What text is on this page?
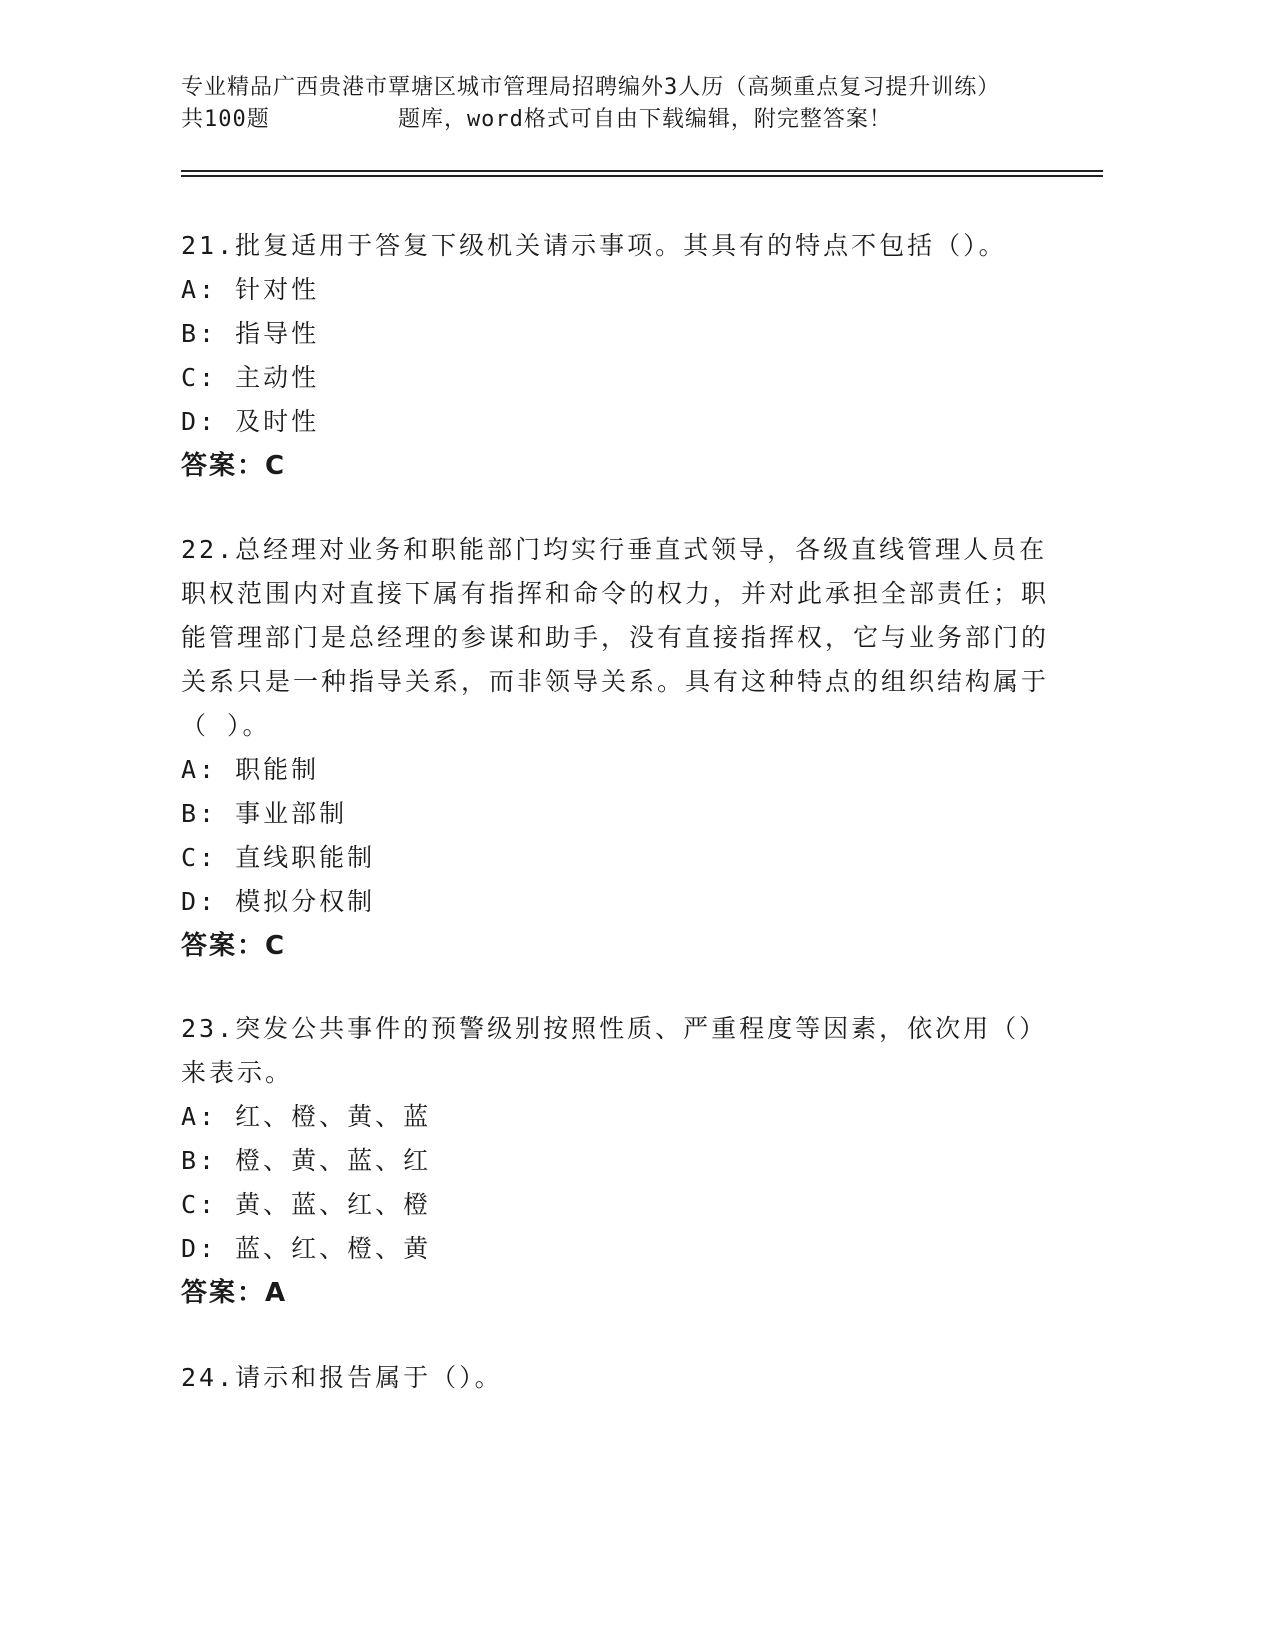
专业精品广西贵港市覃塘区城市管理局招聘编外3人历（高频重点复习提升训练）
共100题         题库，word格式可自由下载编辑，附完整答案！
21.批复适用于答复下级机关请示事项。其具有的特点不包括（）。
A: 针对性
B: 指导性
C: 主动性
D: 及时性
答案：C
22.总经理对业务和职能部门均实行垂直式领导，各级直线管理人员在职权范围内对直接下属有指挥和命令的权力，并对此承担全部责任；职能管理部门是总经理的参谋和助手，没有直接指挥权，它与业务部门的关系只是一种指导关系，而非领导关系。具有这种特点的组织结构属于（ ）。
A: 职能制
B: 事业部制
C: 直线职能制
D: 模拟分权制
答案：C
23.突发公共事件的预警级别按照性质、严重程度等因素，依次用（）来表示。
A: 红、橙、黄、蓝
B: 橙、黄、蓝、红
C: 黄、蓝、红、橙
D: 蓝、红、橙、黄
答案：A
24.请示和报告属于（）。
